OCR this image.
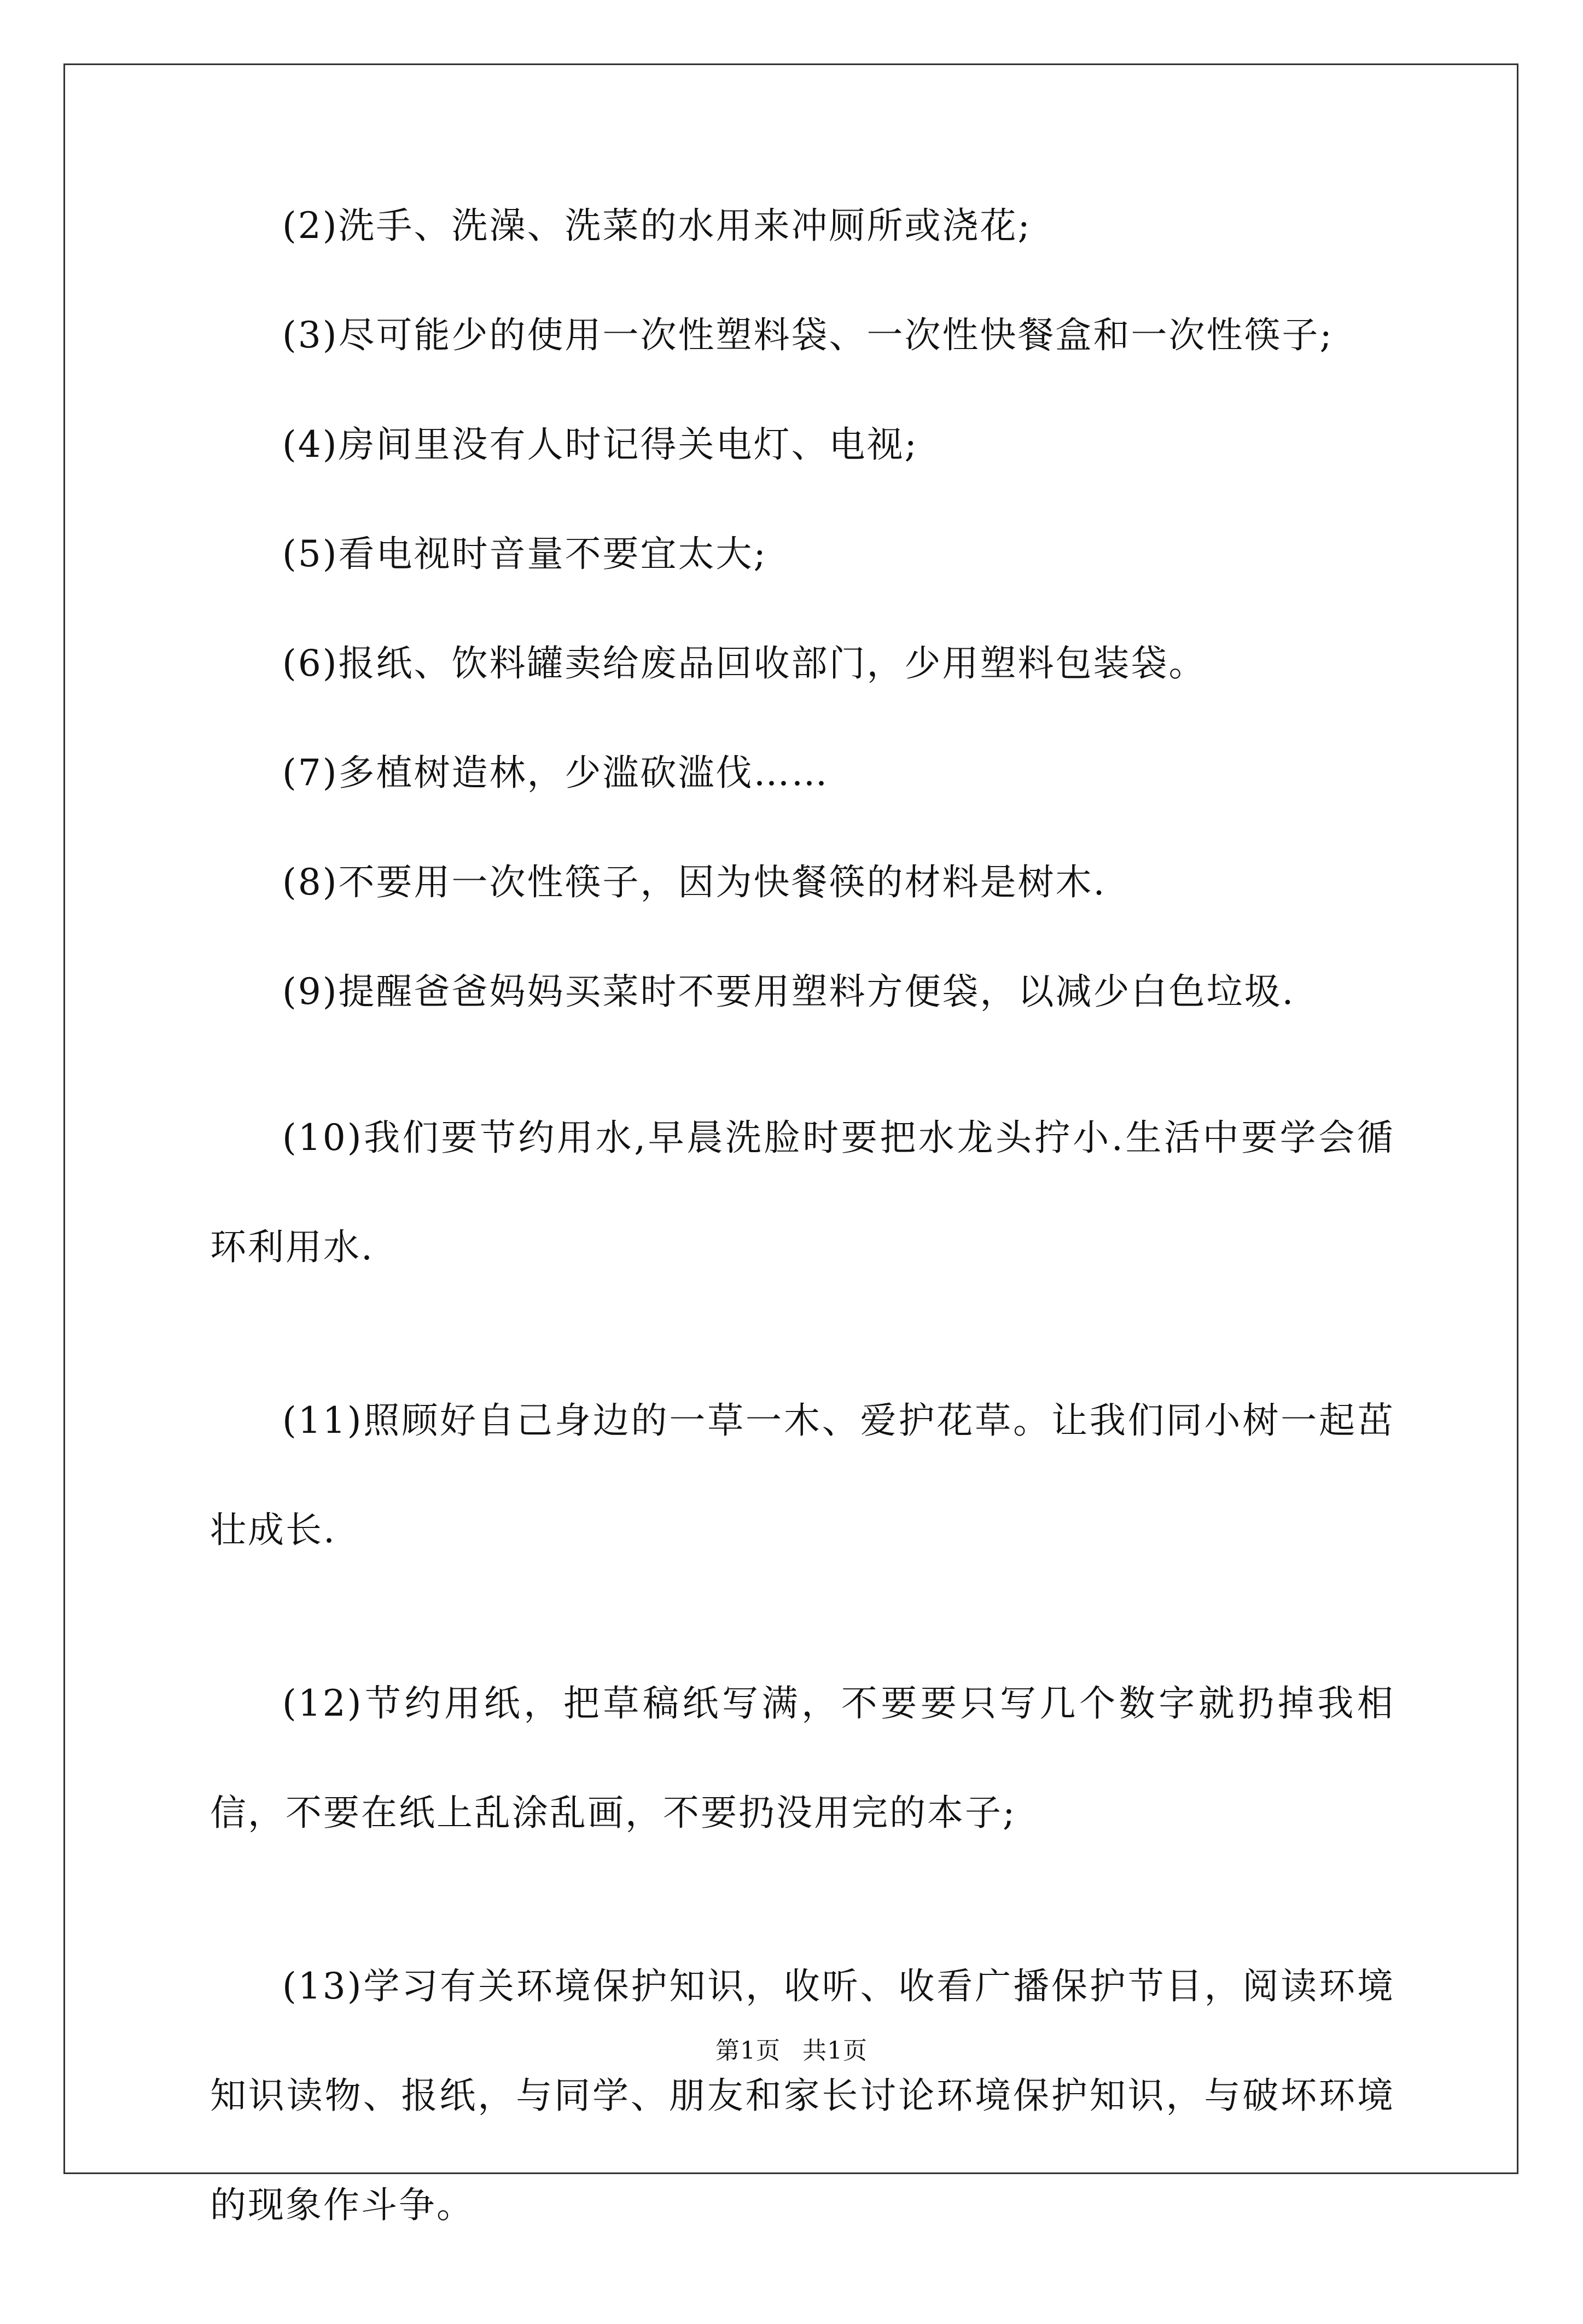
(2)洗手、洗澡、洗菜的水用来冲厕所或浇花;

(3)尽可能少的使用一次性塑料袋、一次性快餐盒和一次性筷子;

(4)房间里没有人时记得关电灯、电视;

(5)看电视时音量不要宜太大;

(6)报纸、饮料罐卖给废品回收部门，少用塑料包装袋。

(7)多植树造林，少滥砍滥伐……

(8)不要用一次性筷子，因为快餐筷的材料是树木.

(9)提醒爸爸妈妈买菜时不要用塑料方便袋，以减少白色垃圾.

(10)我们要节约用水,早晨洗脸时要把水龙头拧小.生活中要学会循环利用水.

(11)照顾好自己身边的一草一木、爱护花草。让我们同小树一起茁壮成长.

(12)节约用纸，把草稿纸写满，不要要只写几个数字就扔掉我相信，不要在纸上乱涂乱画，不要扔没用完的本子;

(13)学习有关环境保护知识，收听、收看广播保护节目，阅读环境知识读物、报纸，与同学、朋友和家长讨论环境保护知识，与破坏环境的现象作斗争。

第1页 共1页
